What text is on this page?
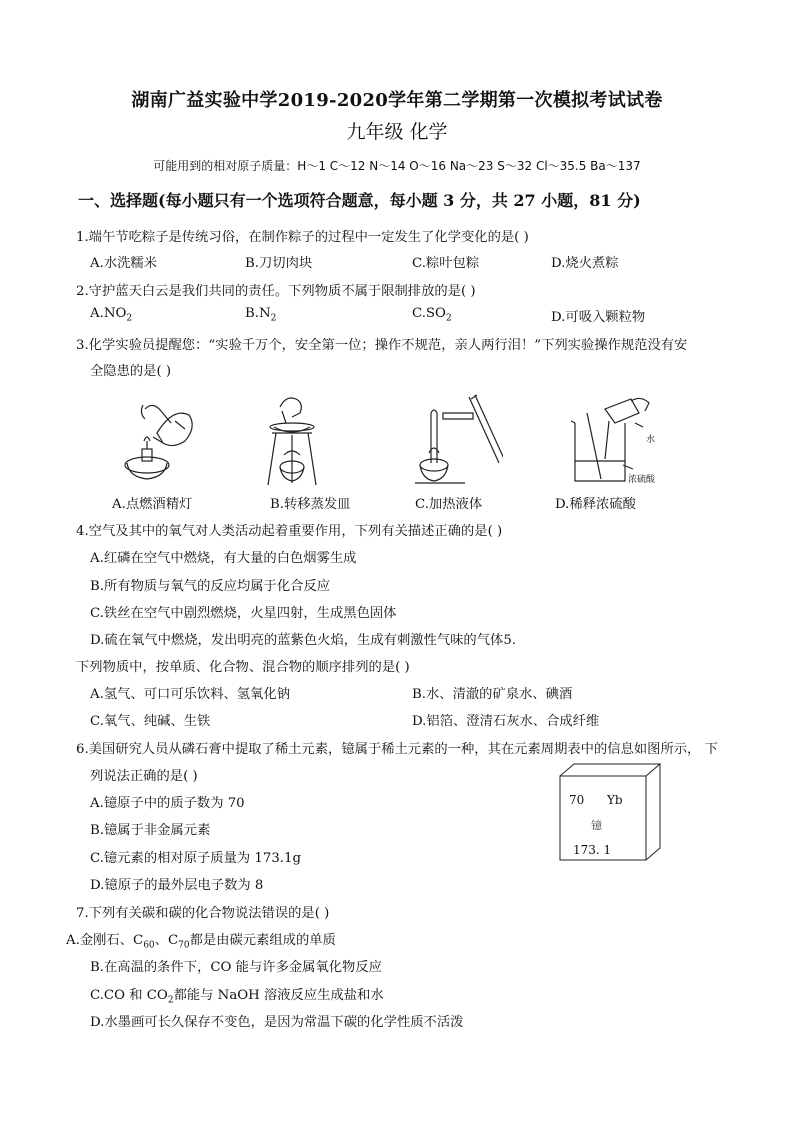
湖南广益实验中学2019-2020学年第二学期第一次模拟考试试卷
九年级 化学
可能用到的相对原子质量：H～1 C～12 N～14 O～16 Na～23 S～32 Cl～35.5 Ba～137
一、选择题(每小题只有一个选项符合题意，每小题 3 分，共 27 小题，81 分)
1.端午节吃粽子是传统习俗，在制作粽子的过程中一定发生了化学变化的是( )
A.水洗糯米	B.刀切肉块	C.粽叶包粽	D.烧火煮粽
2.守护蓝天白云是我们共同的责任。下列物质不属于限制排放的是( )
$A.NO_2$	$B.N_2$	$C.SO_2$	D.可吸入颗粒物
3.化学实验员提醒您：“实验千万个，安全第一位；操作不规范，亲人两行泪！”下列实验操作规范没有安
全隐患的是( )
A.点燃酒精灯	B.转移蒸发皿	C.加热液体
水
浓硫酸
D.稀释浓硫酸
4.空气及其中的氧气对人类活动起着重要作用，下列有关描述正确的是( )
A.红磷在空气中燃烧，有大量的白色烟雾生成
B.所有物质与氧气的反应均属于化合反应
C.铁丝在空气中剧烈燃烧，火星四射，生成黑色固体
D.硫在氧气中燃烧，发出明亮的蓝紫色火焰，生成有刺激性气味的气体5.
下列物质中，按单质、化合物、混合物的顺序排列的是( )
A.氢气、可口可乐饮料、氢氧化钠	B.水、清澈的矿泉水、碘酒
C.氧气、纯碱、生铁	D.铝箔、澄清石灰水、合成纤维
6.美国研究人员从磷石膏中提取了稀土元素，镱属于稀土元素的一种，其在元素周期表中的信息如图所示， 下
列说法正确的是( )
A.镱原子中的质子数为 70
B.镱属于非金属元素
C.镱元素的相对原子质量为 173.1g
D.镱原子的最外层电子数为 8
70 Yb
镱
173. 1
7.下列有关碳和碳的化合物说法错误的是( )
A.金刚石、$C_{60}$、$C_{70}$都是由碳元素组成的单质
B.在高温的条件下，CO 能与许多金属氧化物反应
C.CO 和 $CO_2$都能与 NaOH 溶液反应生成盐和水
D.水墨画可长久保存不变色，是因为常温下碳的化学性质不活泼
